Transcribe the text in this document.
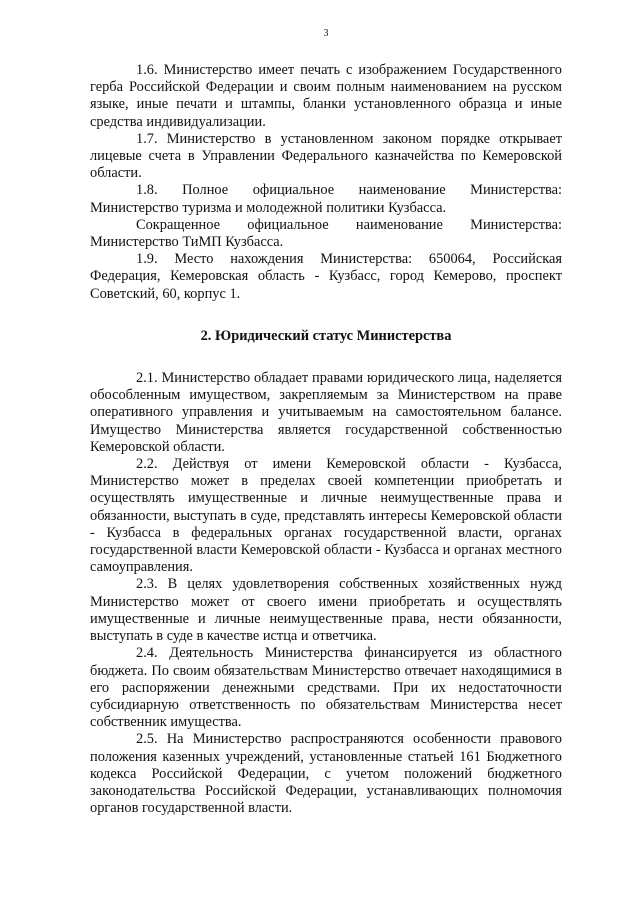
3

1.6. Министерство имеет печать с изображением Государственного герба Российской Федерации и своим полным наименованием на русском языке, иные печати и штампы, бланки установленного образца и иные средства индивидуализации.

1.7. Министерство в установленном законом порядке открывает лицевые счета в Управлении Федерального казначейства по Кемеровской области.

1.8. Полное официальное наименование Министерства: Министерство туризма и молодежной политики Кузбасса.

Сокращенное официальное наименование Министерства: Министерство ТиМП Кузбасса.

1.9. Место нахождения Министерства: 650064, Российская Федерация, Кемеровская область - Кузбасс, город Кемерово, проспект Советский, 60, корпус 1.

2. Юридический статус Министерства

2.1. Министерство обладает правами юридического лица, наделяется обособленным имуществом, закрепляемым за Министерством на праве оперативного управления и учитываемым на самостоятельном балансе. Имущество Министерства является государственной собственностью Кемеровской области.

2.2. Действуя от имени Кемеровской области - Кузбасса, Министерство может в пределах своей компетенции приобретать и осуществлять имущественные и личные неимущественные права и обязанности, выступать в суде, представлять интересы Кемеровской области - Кузбасса в федеральных органах государственной власти, органах государственной власти Кемеровской области - Кузбасса и органах местного самоуправления.

2.3. В целях удовлетворения собственных хозяйственных нужд Министерство может от своего имени приобретать и осуществлять имущественные и личные неимущественные права, нести обязанности, выступать в суде в качестве истца и ответчика.

2.4. Деятельность Министерства финансируется из областного бюджета. По своим обязательствам Министерство отвечает находящимися в его распоряжении денежными средствами. При их недостаточности субсидиарную ответственность по обязательствам Министерства несет собственник имущества.

2.5. На Министерство распространяются особенности правового положения казенных учреждений, установленные статьей 161 Бюджетного кодекса Российской Федерации, с учетом положений бюджетного законодательства Российской Федерации, устанавливающих полномочия органов государственной власти.
